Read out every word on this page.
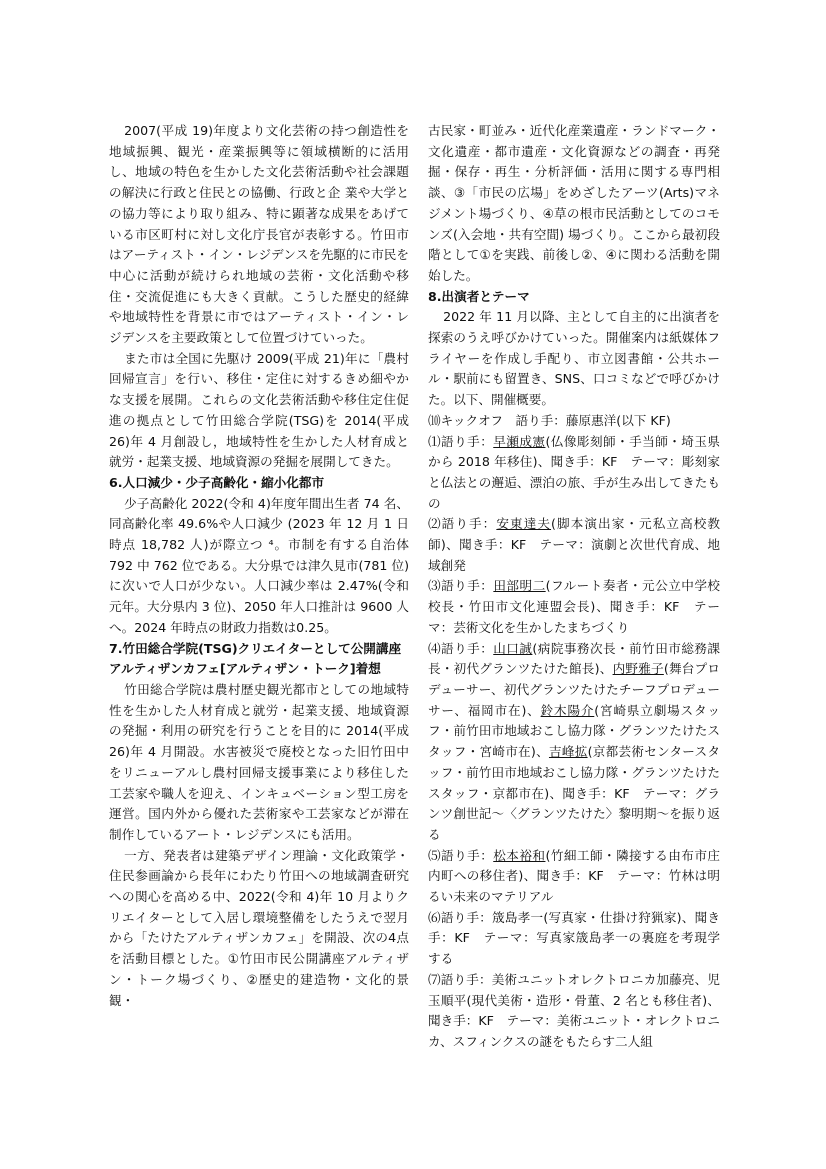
2007(平成 19)年度より文化芸術の持つ創造性を地域振興、観光・産業振興等に領域横断的に活用し、地域の特色を生かした文化芸術活動や社会課題の解決に行政と住民との協働、行政と企 業や大学との協力等により取り組み、特に顕著な成果をあげている市区町村に対し文化庁長官が表彰する。竹田市はアーティスト・イン・レジデンスを先駆的に市民を中心に活動が続けられ地域の芸術・文化活動や移住・交流促進にも大きく貢献。こうした歴史的経緯や地域特性を背景に市ではアーティスト・イン・レジデンスを主要政策として位置づけていった。

また市は全国に先駆け 2009(平成 21)年に「農村回帰宣言」を行い、移住・定住に対するきめ細やかな支援を展開。これらの文化芸術活動や移住定住促進の拠点として竹田総合学院(TSG)を 2014(平成 26)年 4 月創設し，地域特性を生かした人材育成と就労・起業支援、地域資源の発掘を展開してきた。

6.人口減少・少子高齢化・縮小化都市

少子高齢化 2022(令和 4)年度年間出生者 74 名、同高齢化率 49.6%や人口減少 (2023 年 12 月 1 日時点 18,782 人)が際立つ ⁴。市制を有する自治体 792 中 762 位である。大分県では津久見市(781 位)に次いで人口が少ない。人口減少率は 2.47%(令和元年。大分県内 3 位)、2050 年人口推計は 9600 人へ。2024 年時点の財政力指数は0.25。

7.竹田総合学院(TSG)クリエイターとして公開講座
アルティザンカフェ[アルティザン・トーク]着想

竹田総合学院は農村歴史観光都市としての地域特性を生かした人材育成と就労・起業支援、地域資源の発掘・利用の研究を行うことを目的に 2014(平成 26)年 4 月開設。水害被災で廃校となった旧竹田中をリニューアルし農村回帰支援事業により移住した工芸家や職人を迎え、インキュベーション型工房を運営。国内外から優れた芸術家や工芸家などが滞在制作しているアート・レジデンスにも活用。

一方、発表者は建築デザイン理論・文化政策学・住民参画論から長年にわたり竹田への地域調査研究への関心を高める中、2022(令和 4)年 10 月よりクリエイターとして入居し環境整備をしたうえで翌月から「たけたアルティザンカフェ」を開設、次の4点を活動目標とした。①竹田市民公開講座アルティザン・トーク場づくり、②歴史的建造物・文化的景観・

古民家・町並み・近代化産業遺産・ランドマーク・文化遺産・都市遺産・文化資源などの調査・再発掘・保存・再生・分析評価・活用に関する専門相談、③「市民の広場」をめざしたアーツ(Arts)マネジメント場づくり、④草の根市民活動としてのコモンズ(入会地・共有空間) 場づくり。ここから最初段階として①を実践、前後し②、④に関わる活動を開始した。

8.出演者とテーマ

2022 年 11 月以降、主として自主的に出演者を探索のうえ呼びかけていった。開催案内は紙媒体フライヤーを作成し手配り、市立図書館・公共ホール・駅前にも留置き、SNS、口コミなどで呼びかけた。以下、開催概要。

⑽キックオフ　語り手：藤原惠洋(以下 KF)

⑴語り手：早瀬成憲(仏像彫刻師・手当師・埼玉県から 2018 年移住)、聞き手：KF　テーマ：彫刻家と仏法との邂逅、漂泊の旅、手が生み出してきたもの

⑵語り手：安東達夫(脚本演出家・元私立高校教師)、聞き手：KF　テーマ：演劇と次世代育成、地域創発

⑶語り手：田部明二(フルート奏者・元公立中学校校長・竹田市文化連盟会長)、聞き手：KF　テーマ：芸術文化を生かしたまちづくり

⑷語り手：山口誠(病院事務次長・前竹田市総務課長・初代グランツたけた館長)、内野雅子(舞台プロデューサー、初代グランツたけたチーフプロデューサー、福岡市在)、鈴木陽介(宮崎県立劇場スタッフ・前竹田市地域おこし協力隊・グランツたけたスタッフ・宮崎市在)、吉峰拡(京都芸術センタースタッフ・前竹田市地域おこし協力隊・グランツたけたスタッフ・京都市在)、聞き手：KF　テーマ：グランツ創世記～〈グランツたけた〉黎明期～を振り返る

⑸語り手：松本裕和(竹細工師・隣接する由布市庄内町への移住者)、聞き手：KF　テーマ：竹林は明るい未来のマテリアル

⑹語り手：筬島孝一(写真家・仕掛け狩猟家)、聞き手：KF　テーマ：写真家筬島孝一の裏庭を考現学する

⑺語り手：美術ユニットオレクトロニカ加藤亮、児玉順平(現代美術・造形・骨董、2 名とも移住者)、聞き手：KF　テーマ：美術ユニット・オレクトロニカ、スフィンクスの謎をもたらす二人組
